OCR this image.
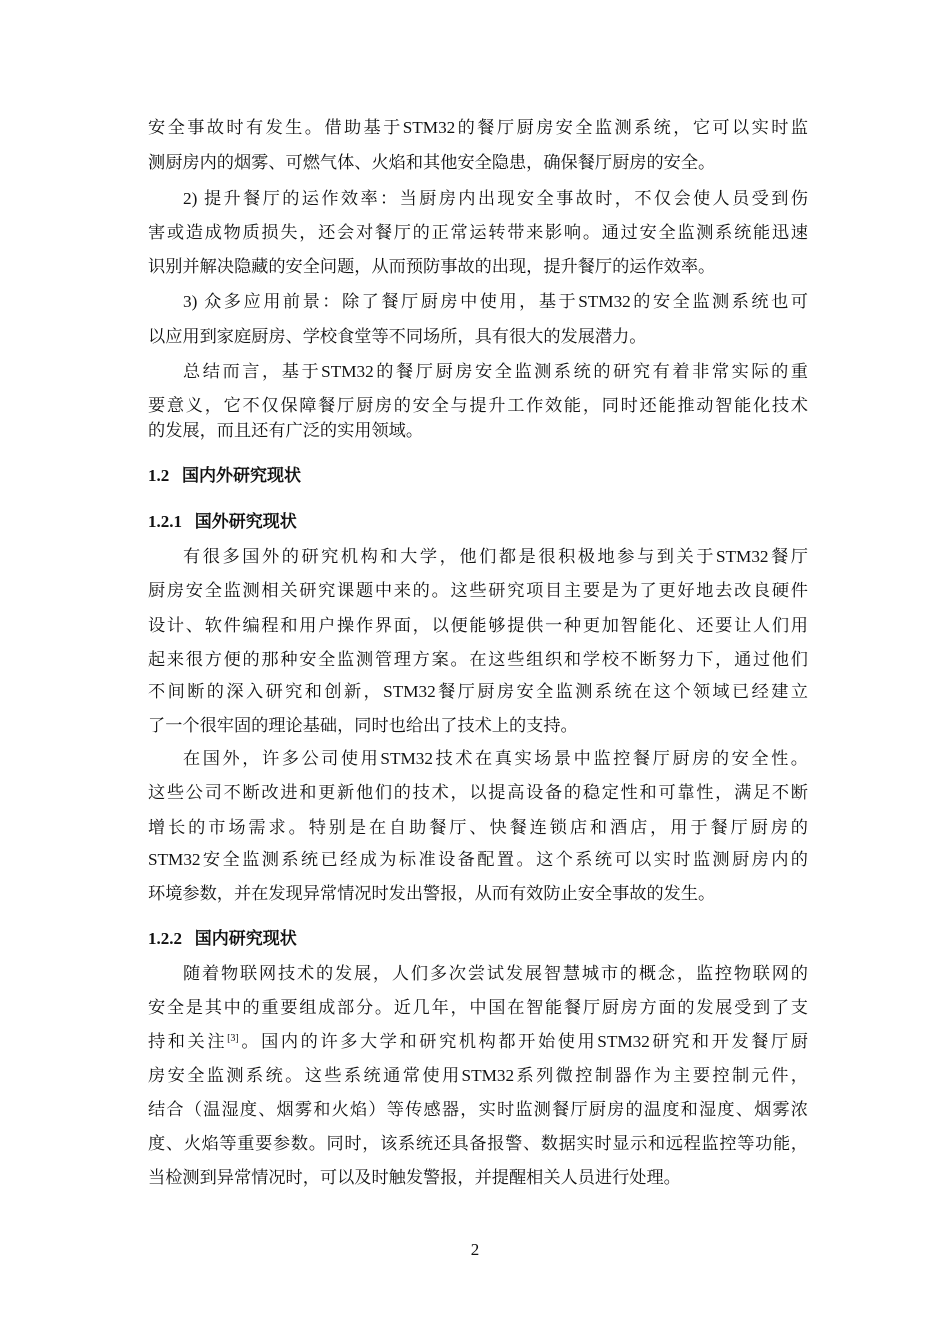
安全事故时有发生。借助基于STM32的餐厅厨房安全监测系统，它可以实时监
测厨房内的烟雾、可燃气体、火焰和其他安全隐患，确保餐厅厨房的安全。
2) 提升餐厅的运作效率：当厨房内出现安全事故时，不仅会使人员受到伤
害或造成物质损失，还会对餐厅的正常运转带来影响。通过安全监测系统能迅速
识别并解决隐藏的安全问题，从而预防事故的出现，提升餐厅的运作效率。
3) 众多应用前景：除了餐厅厨房中使用，基于STM32的安全监测系统也可
以应用到家庭厨房、学校食堂等不同场所，具有很大的发展潜力。
总结而言，基于STM32的餐厅厨房安全监测系统的研究有着非常实际的重
要意义，它不仅保障餐厅厨房的安全与提升工作效能，同时还能推动智能化技术
的发展，而且还有广泛的实用领域。
1.2   国内外研究现状
1.2.1   国外研究现状
有很多国外的研究机构和大学，他们都是很积极地参与到关于STM32餐厅
厨房安全监测相关研究课题中来的。这些研究项目主要是为了更好地去改良硬件
设计、软件编程和用户操作界面，以便能够提供一种更加智能化、还要让人们用
起来很方便的那种安全监测管理方案。在这些组织和学校不断努力下，通过他们
不间断的深入研究和创新，STM32餐厅厨房安全监测系统在这个领域已经建立
了一个很牢固的理论基础，同时也给出了技术上的支持。
在国外，许多公司使用STM32技术在真实场景中监控餐厅厨房的安全性。
这些公司不断改进和更新他们的技术，以提高设备的稳定性和可靠性，满足不断
增长的市场需求。特别是在自助餐厅、快餐连锁店和酒店，用于餐厅厨房的
STM32安全监测系统已经成为标准设备配置。这个系统可以实时监测厨房内的
环境参数，并在发现异常情况时发出警报，从而有效防止安全事故的发生。
1.2.2   国内研究现状
随着物联网技术的发展，人们多次尝试发展智慧城市的概念，监控物联网的
安全是其中的重要组成部分。近几年，中国在智能餐厅厨房方面的发展受到了支
持和关注[3]。国内的许多大学和研究机构都开始使用STM32研究和开发餐厅厨
房安全监测系统。这些系统通常使用STM32系列微控制器作为主要控制元件，
结合（温湿度、烟雾和火焰）等传感器，实时监测餐厅厨房的温度和湿度、烟雾浓
度、火焰等重要参数。同时，该系统还具备报警、数据实时显示和远程监控等功能，
当检测到异常情况时，可以及时触发警报，并提醒相关人员进行处理。
2
